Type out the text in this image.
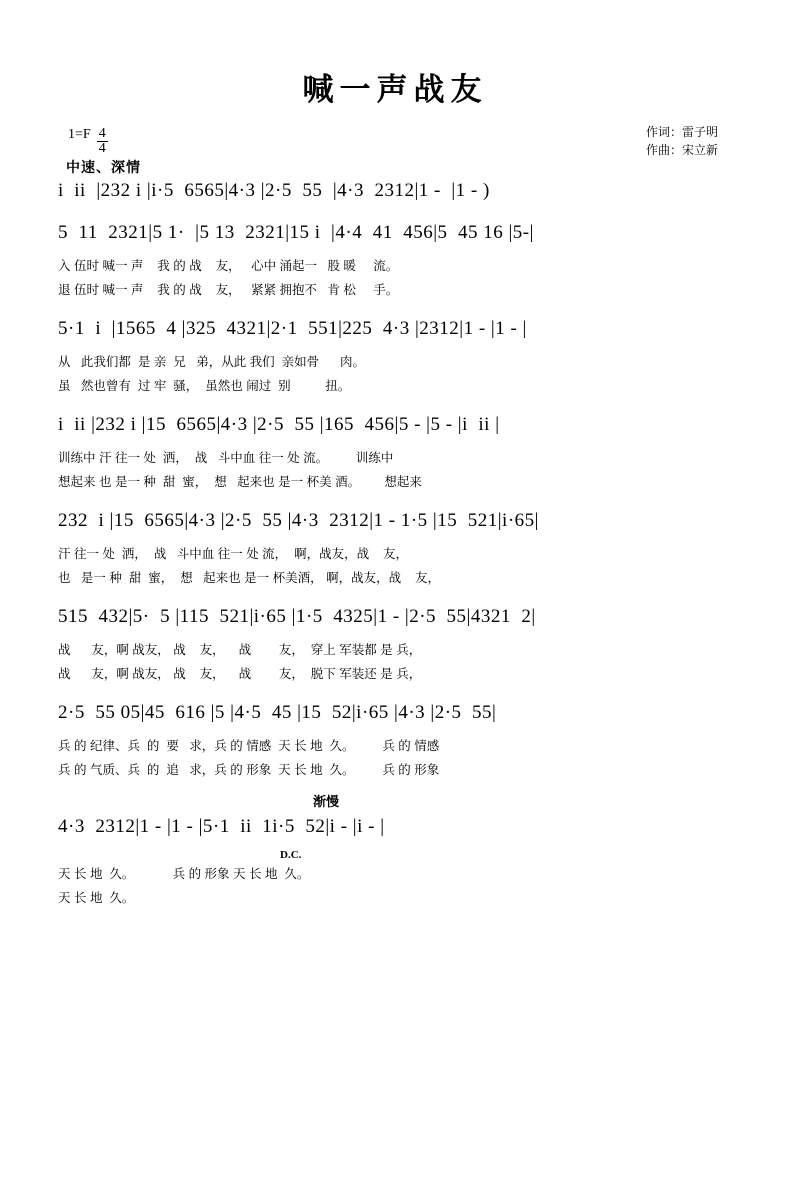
喊一声战友
$1=F \frac{4}{4}$	作词：雷子明
作曲：宋立新
中速、深情
i  ii  |232 i |i·5  6565|4·3 |2·5  55  |4·3  2312|1 -  |1 - )
5  11  2321|5 1·  |5 13  2321|15 i  |4·4  41  456|5  45 16 |5-|
入 伍时 喊一 声    我 的 战    友，   心中 涌起一   股 暖     流。
退 伍时 喊一 声    我 的 战    友，   紧紧 拥抱不   肯 松     手。
5·1  i  |1565  4 |325  4321|2·1  551|225  4·3 |2312|1 - |1 - |
从   此我们都  是 亲  兄   弟，从此 我们  亲如骨      肉。
虽   然也曾有  过 牢  骚，  虽然也 闹过  别          扭。
i  ii |232 i |15  6565|4·3 |2·5  55 |165  456|5 - |5 - |i  ii |
训练中 汗 往一 处  洒，  战   斗中血 往一 处 流。        训练中
想起来 也 是一 种  甜  蜜，  想   起来也 是一 杯美 酒。       想起来
232  i |15  6565|4·3 |2·5  55 |4·3  2312|1 - 1·5 |15  521|i·65|
汗 往一 处  洒，  战   斗中血 往一 处 流，  啊，战友，战    友，
也   是一 种  甜  蜜，  想   起来也 是一 杯美酒， 啊，战友，战    友，
515  432|5·  5 |115  521|i·65 |1·5  4325|1 - |2·5  55|4321  2|
战      友，啊 战友， 战    友，    战        友，  穿上 军装都 是 兵，
战      友，啊 战友， 战    友，    战        友，  脱下 军装还 是 兵，
2·5  55 05|45  616 |5 |4·5  45 |15  52|i·65 |4·3 |2·5  55|
兵 的 纪律、兵  的  要   求，兵 的 情感  天 长 地  久。        兵 的 情感
兵 的 气质、兵  的  追   求，兵 的 形象  天 长 地  久。        兵 的 形象
渐慢
4·3  2312|1 - |1 - |5·1  ii  1i·5  52|i - |i - |
D.C.
天 长 地  久。           兵 的 形象 天 长 地  久。
天 长 地  久。
